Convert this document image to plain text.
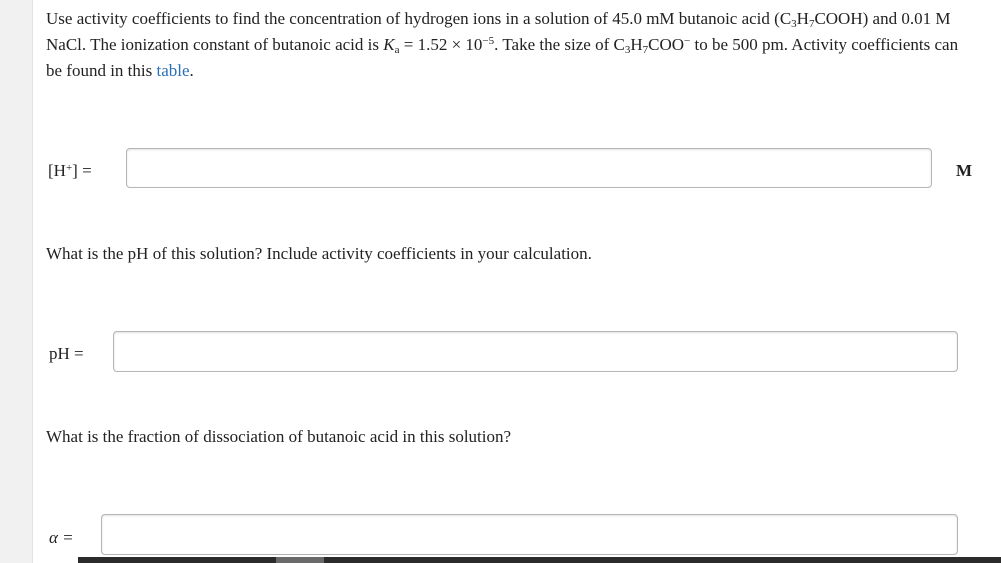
Use activity coefficients to find the concentration of hydrogen ions in a solution of 45.0 mM butanoic acid $(C_3H_7COOH)$ and 0.01 M NaCl. The ionization constant of butanoic acid is $K_a = 1.52 \times 10^{-5}$. Take the size of $C_3H_7COO^-$ to be 500 pm. Activity coefficients can be found in this table.
[H+] =	M
What is the pH of this solution? Include activity coefficients in your calculation.
pH =
What is the fraction of dissociation of butanoic acid in this solution?
α =
